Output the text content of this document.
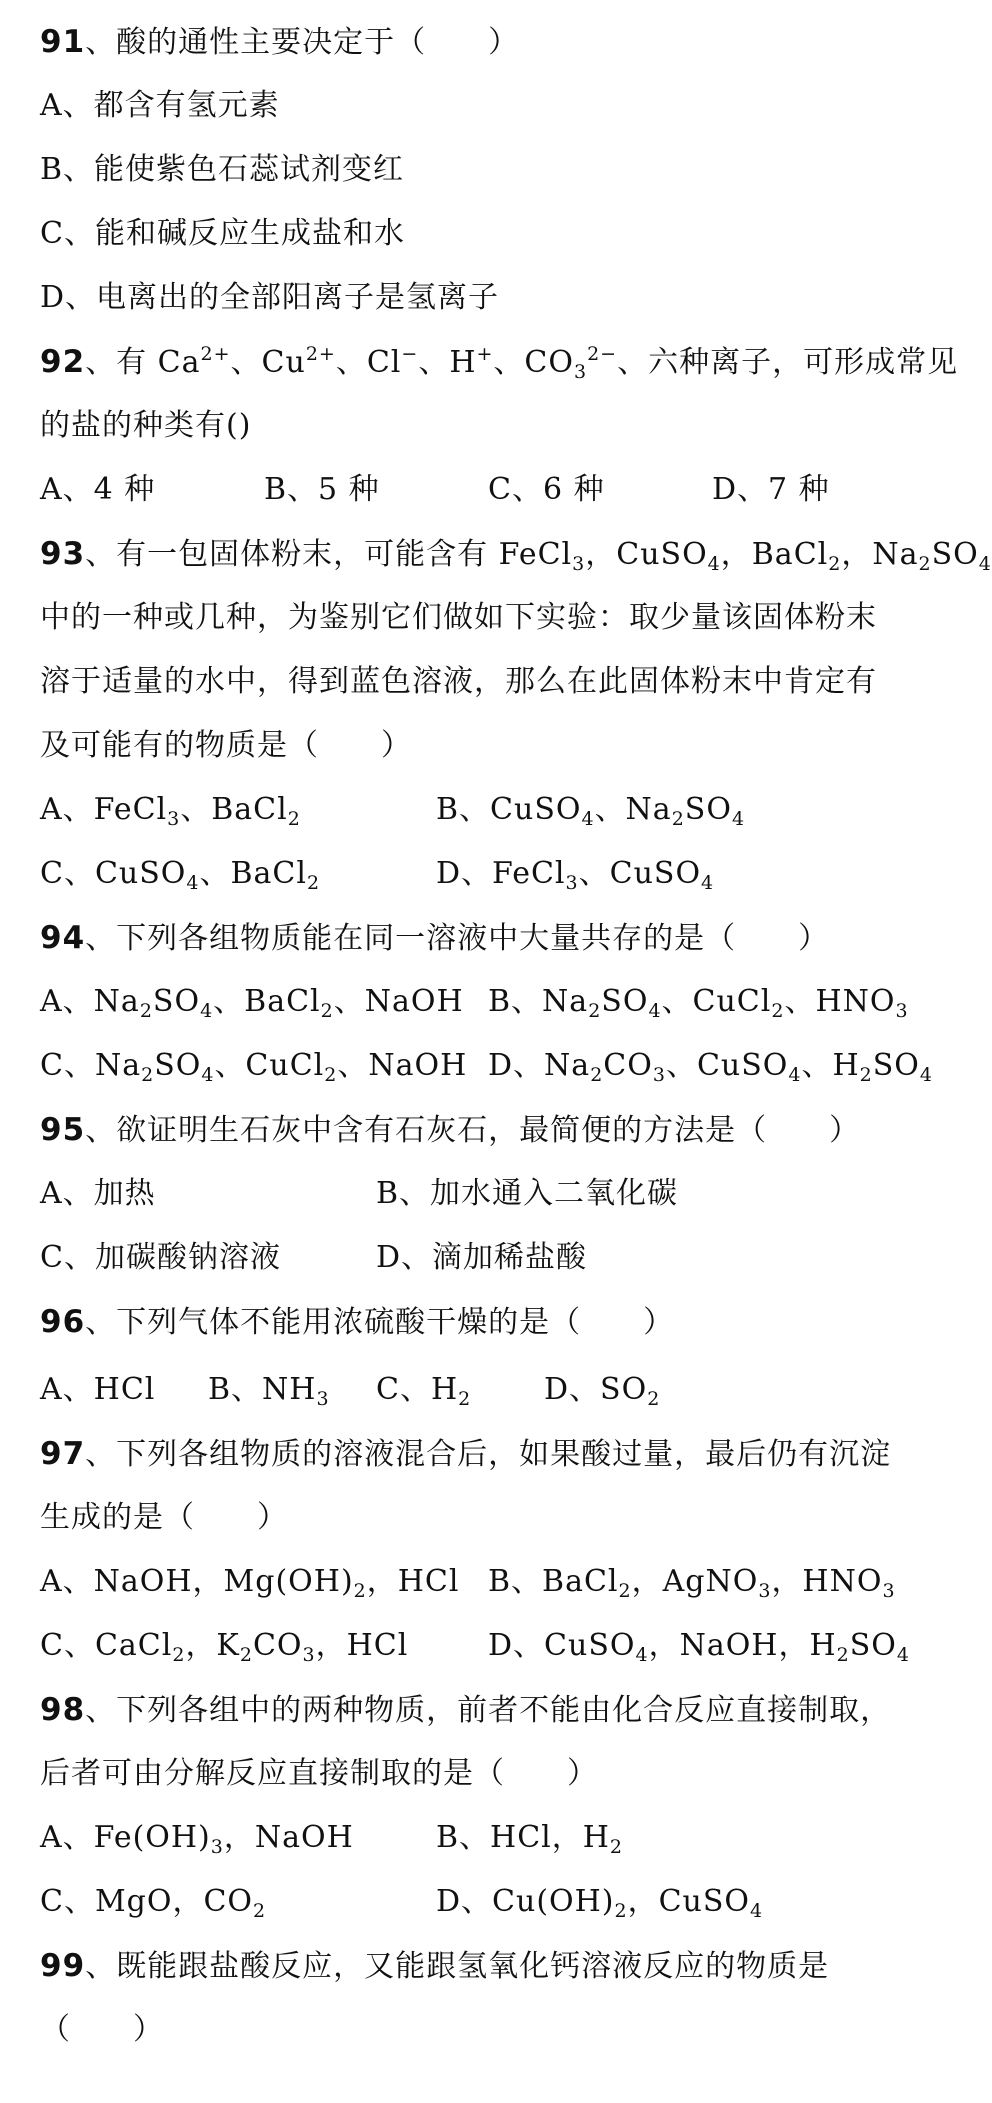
91、酸的通性主要决定于（　　）
A、都含有氢元素
B、能使紫色石蕊试剂变红
C、能和碱反应生成盐和水
D、电离出的全部阳离子是氢离子
92、有 $Ca^{2+}$、$Cu^{2+}$、Cl−、H+、$CO_3^{2-}$、六种离子，可形成常见
的盐的种类有()
A、4 种	B、5 种	C、6 种	D、7 种
93、有一包固体粉末，可能含有 FeCl$_3$，CuSO$_4$，BaCl$_2$，$Na_2SO_4$
中的一种或几种，为鉴别它们做如下实验：取少量该固体粉末
溶于适量的水中，得到蓝色溶液，那么在此固体粉末中肯定有
及可能有的物质是（　　）
A、FeCl$_3$、BaCl$_2$	B、CuSO$_4$、$Na_2SO_4$
C、CuSO$_4$、BaCl$_2$	D、FeCl$_3$、CuSO$_4$
94、下列各组物质能在同一溶液中大量共存的是（　　）
A、$Na_2SO_4$、BaCl$_2$、NaOH B、$Na_2SO_4$、CuCl$_2$、$HNO_3$
C、$Na_2SO_4$、CuCl$_2$、NaOH D、$Na_2CO_3$、CuSO$_4$、$H_2SO_4$
95、欲证明生石灰中含有石灰石，最简便的方法是（　　）
A、加热	B、加水通入二氧化碳
C、加碳酸钠溶液	D、滴加稀盐酸
96、下列气体不能用浓硫酸干燥的是（　　）
A、HCl B、$NH_3$ C、$H_2$ D、$SO_2$
97、下列各组物质的溶液混合后，如果酸过量，最后仍有沉淀
生成的是（　　）
A、NaOH，$Mg(OH)_2$，HCl B、BaCl$_2$，AgNO$_3$，$HNO_3$
C、CaCl$_2$，$K_2CO_3$，HCl	D、CuSO$_4$，NaOH，$H_2SO_4$
98、下列各组中的两种物质，前者不能由化合反应直接制取，
后者可由分解反应直接制取的是（　　）
A、$Fe(OH)_3$，NaOH	B、HCl，$H_2$
C、MgO，$CO_2$	D、$Cu(OH)_2$，CuSO$_4$
99、既能跟盐酸反应，又能跟氢氧化钙溶液反应的物质是
（　　）
